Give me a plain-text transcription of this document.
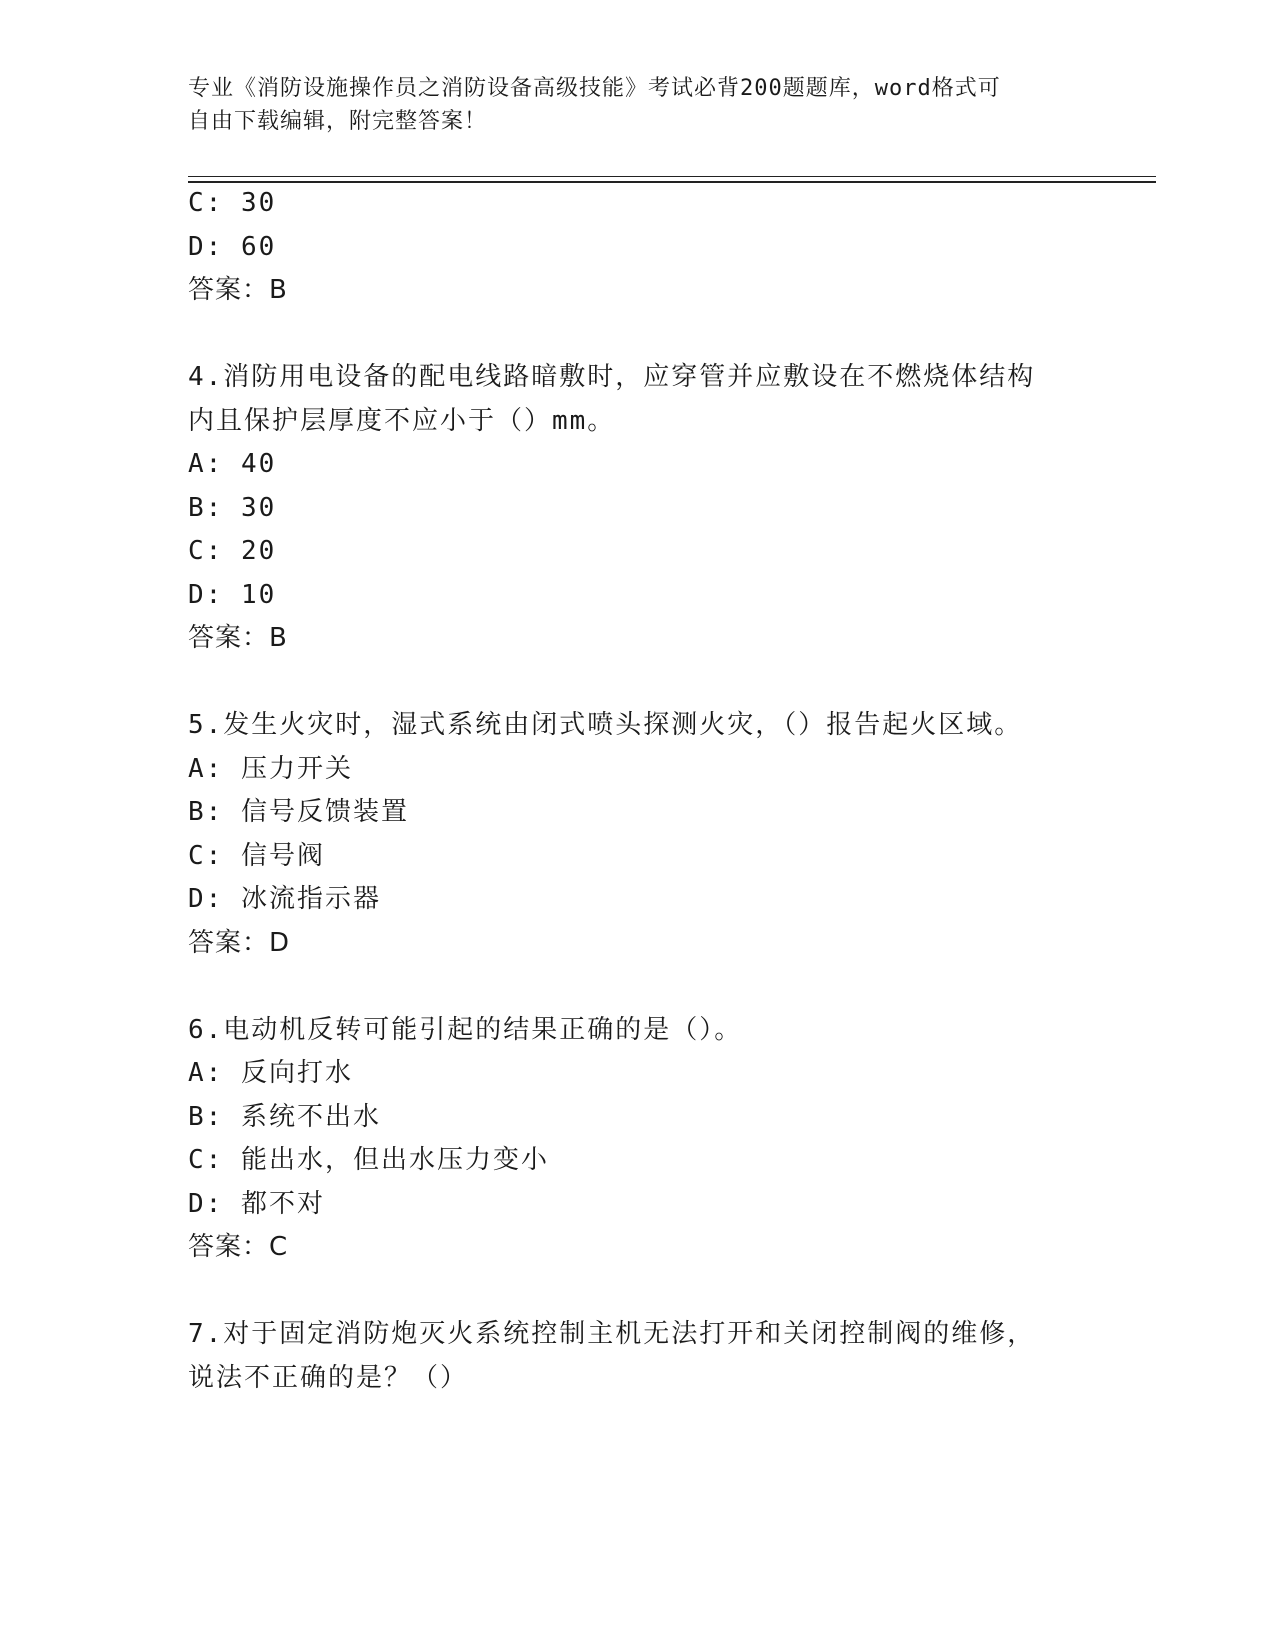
专业《消防设施操作员之消防设备高级技能》考试必背200题题库，word格式可
自由下载编辑，附完整答案！
C: 30
D: 60
答案：B
4.消防用电设备的配电线路暗敷时，应穿管并应敷设在不燃烧体结构
内且保护层厚度不应小于（）mm。
A: 40
B: 30
C: 20
D: 10
答案：B
5.发生火灾时，湿式系统由闭式喷头探测火灾，（）报告起火区域。
A: 压力开关
B: 信号反馈装置
C: 信号阀
D: 冰流指示器
答案：D
6.电动机反转可能引起的结果正确的是（）。
A: 反向打水
B: 系统不出水
C: 能出水，但出水压力变小
D: 都不对
答案：C
7.对于固定消防炮灭火系统控制主机无法打开和关闭控制阀的维修，
说法不正确的是？（）
